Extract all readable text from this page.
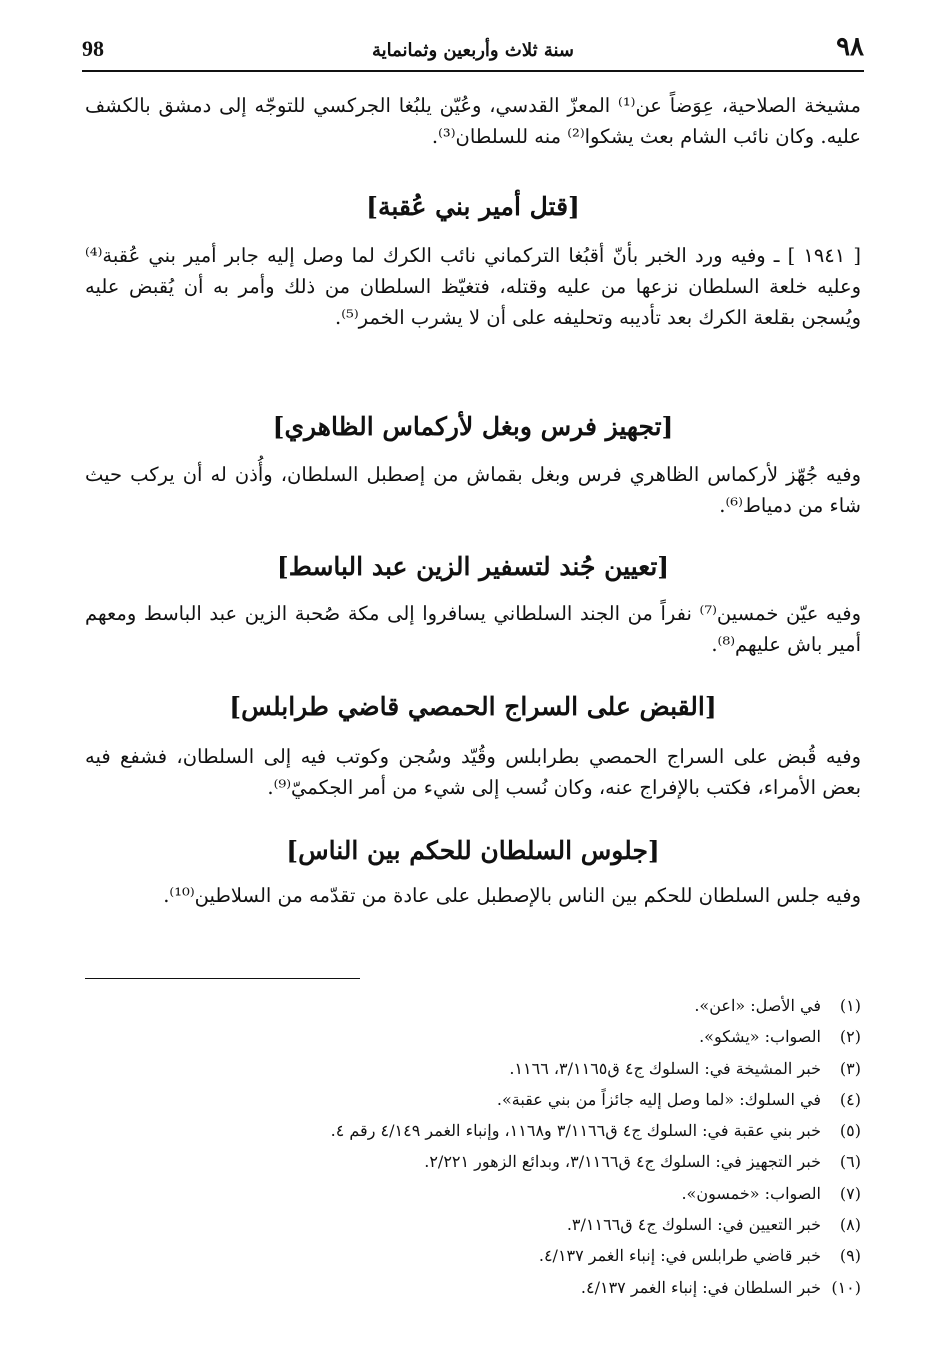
٩٨
سنة ثلاث وأربعين وثمانماية
98

مشيخة الصلاحية، عِوَضاً عن⁽¹⁾ المعزّ القدسي، وعُيّن يلبُغا الجركسي للتوجّه إلى دمشق بالكشف عليه. وكان نائب الشام بعث يشكوا⁽²⁾ منه للسلطان⁽³⁾.

[قتل أمير بني عُقبة]

[ ١٩٤١ ] ـ وفيه ورد الخبر بأنّ أقبُغا التركماني نائب الكرك لما وصل إليه جابر أمير بني عُقبة⁽⁴⁾ وعليه خلعة السلطان نزعها من عليه وقتله، فتغيّظ السلطان من ذلك وأمر به أن يُقبض عليه ويُسجن بقلعة الكرك بعد تأديبه وتحليفه على أن لا يشرب الخمر⁽⁵⁾.

[تجهيز فرس وبغل لأركماس الظاهري]

وفيه جُهّز لأركماس الظاهري فرس وبغل بقماش من إصطبل السلطان، وأُذن له أن يركب حيث شاء من دمياط⁽⁶⁾.

[تعيين جُند لتسفير الزين عبد الباسط]

وفيه عيّن خمسين⁽⁷⁾ نفراً من الجند السلطاني يسافروا إلى مكة صُحبة الزين عبد الباسط ومعهم أمير باش عليهم⁽⁸⁾.

[القبض على السراج الحمصي قاضي طرابلس]

وفيه قُبض على السراج الحمصي بطرابلس وقُيّد وسُجن وكوتب فيه إلى السلطان، فشفع فيه بعض الأمراء، فكتب بالإفراج عنه، وكان نُسب إلى شيء من أمر الجكميّ⁽⁹⁾.

[جلوس السلطان للحكم بين الناس]

وفيه جلس السلطان للحكم بين الناس بالإصطبل على عادة من تقدّمه من السلاطين⁽¹⁰⁾.

(١)في الأصل: «اعن».
(٢)الصواب: «يشكو».
(٣)خبر المشيخة في: السلوك ج٤ ق٣/١١٦٥، ١١٦٦.
(٤)في السلوك: «لما وصل إليه جائزاً من بني عقبة».
(٥)خبر بني عقبة في: السلوك ج٤ ق٣/١١٦٦ و١١٦٨، وإنباء الغمر ٤/١٤٩ رقم ٤.
(٦)خبر التجهيز في: السلوك ج٤ ق٣/١١٦٦، وبدائع الزهور ٢/٢٢١.
(٧)الصواب: «خمسون».
(٨)خبر التعيين في: السلوك ج٤ ق٣/١١٦٦.
(٩)خبر قاضي طرابلس في: إنباء الغمر ٤/١٣٧.
(١٠)خبر السلطان في: إنباء الغمر ٤/١٣٧.
